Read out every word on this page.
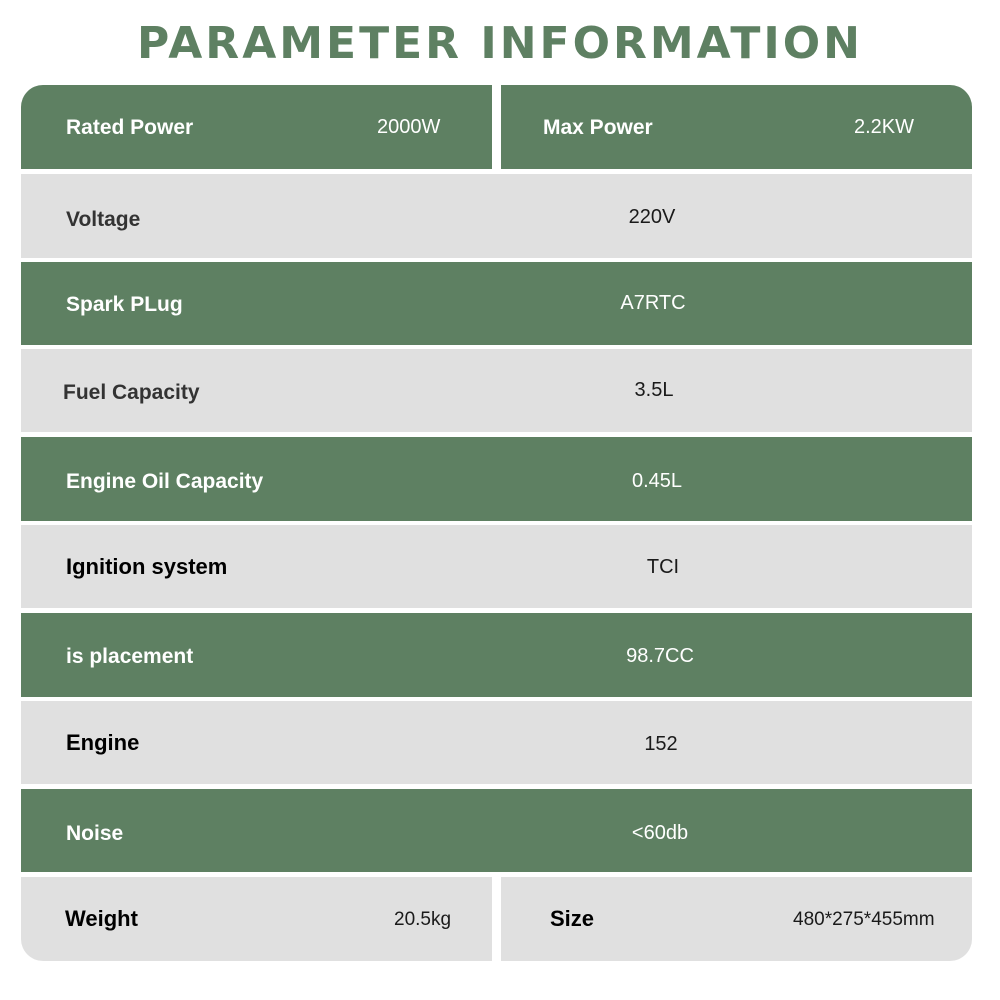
PARAMETER INFORMATION
Rated Power	2000W	Max Power	2.2KW
Voltage	220V
Spark PLug	A7RTC
Fuel Capacity	3.5L
Engine Oil Capacity	0.45L
Ignition system	TCI
is placement	98.7CC
Engine	152
Noise	<60db
Weight	20.5kg	Size	480*275*455mm
